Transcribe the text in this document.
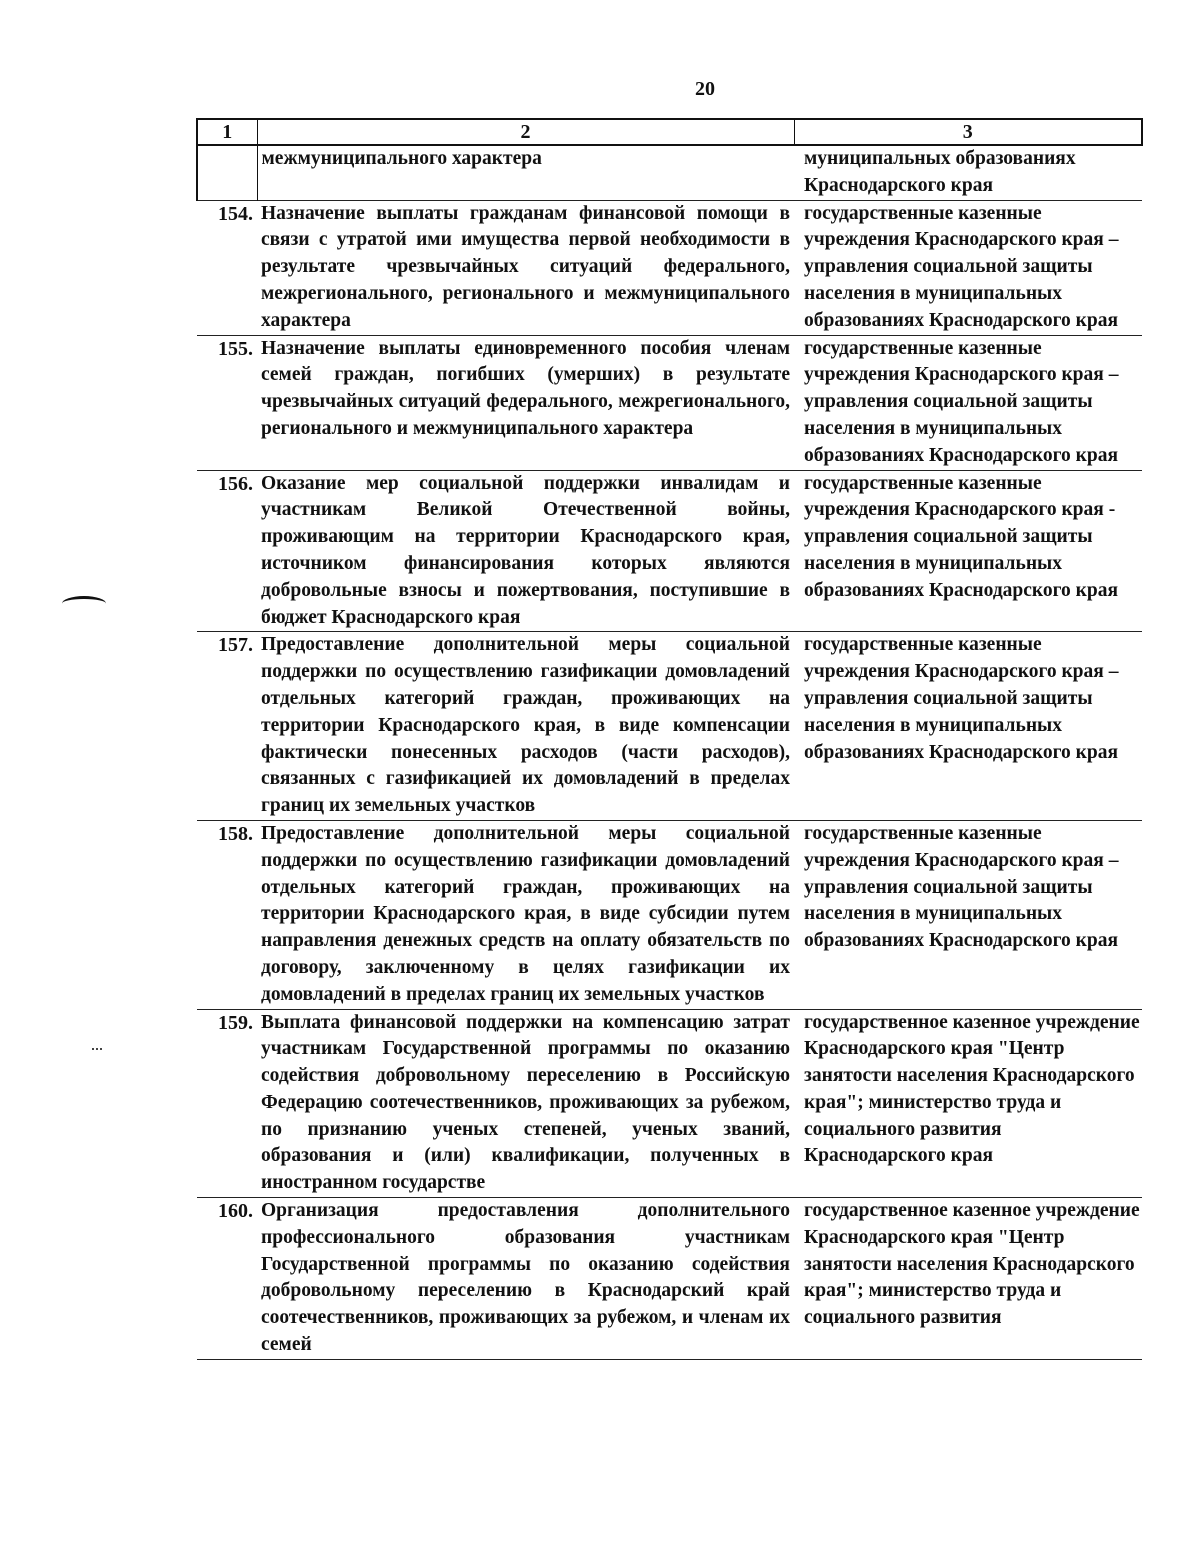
20
1	2	3
	межмуниципального характера	муниципальных образованиях Краснодарского края
154.	Назначение выплаты гражданам финансовой помощи в связи с утратой ими имущества первой необходимости в результате чрезвычайных ситуаций федерального, межрегионального, регионального и межмуниципального характера	государственные казенные учреждения Краснодарского края – управления социальной защиты населения в муниципальных образованиях Краснодарского края
155.	Назначение выплаты единовременного пособия членам семей граждан, погибших (умерших) в результате чрезвычайных ситуаций федерального, межрегионального, регионального и межмуниципального характера	государственные казенные учреждения Краснодарского края – управления социальной защиты населения в муниципальных образованиях Краснодарского края
156.	Оказание мер социальной поддержки инвалидам и участникам Великой Отечественной войны, проживающим на территории Краснодарского края, источником финансирования которых являются добровольные взносы и пожертвования, поступившие в бюджет Краснодарского края	государственные казенные учреждения Краснодарского края - управления социальной защиты населения в муниципальных образованиях Краснодарского края
157.	Предоставление дополнительной меры социальной поддержки по осуществлению газификации домовладений отдельных категорий граждан, проживающих на территории Краснодарского края, в виде компенсации фактически понесенных расходов (части расходов), связанных с газификацией их домовладений в пределах границ их земельных участков	государственные казенные учреждения Краснодарского края – управления социальной защиты населения в муниципальных образованиях Краснодарского края
158.	Предоставление дополнительной меры социальной поддержки по осуществлению газификации домовладений отдельных категорий граждан, проживающих на территории Краснодарского края, в виде субсидии путем направления денежных средств на оплату обязательств по договору, заключенному в целях газификации их домовладений в пределах границ их земельных участков	государственные казенные учреждения Краснодарского края – управления социальной защиты населения в муниципальных образованиях Краснодарского края
159.	Выплата финансовой поддержки на компенсацию затрат участникам Государственной программы по оказанию содействия добровольному переселению в Российскую Федерацию соотечественников, проживающих за рубежом, по признанию ученых степеней, ученых званий, образования и (или) квалификации, полученных в иностранном государстве	государственное казенное учреждение Краснодарского края "Центр занятости населения Краснодарского края"; министерство труда и социального развития Краснодарского края
160.	Организация предоставления дополнительного профессионального образования участникам Государственной программы по оказанию содействия добровольному переселению в Краснодарский край соотечественников, проживающих за рубежом, и членам их семей	государственное казенное учреждение Краснодарского края "Центр занятости населения Краснодарского края"; министерство труда и социального развития
